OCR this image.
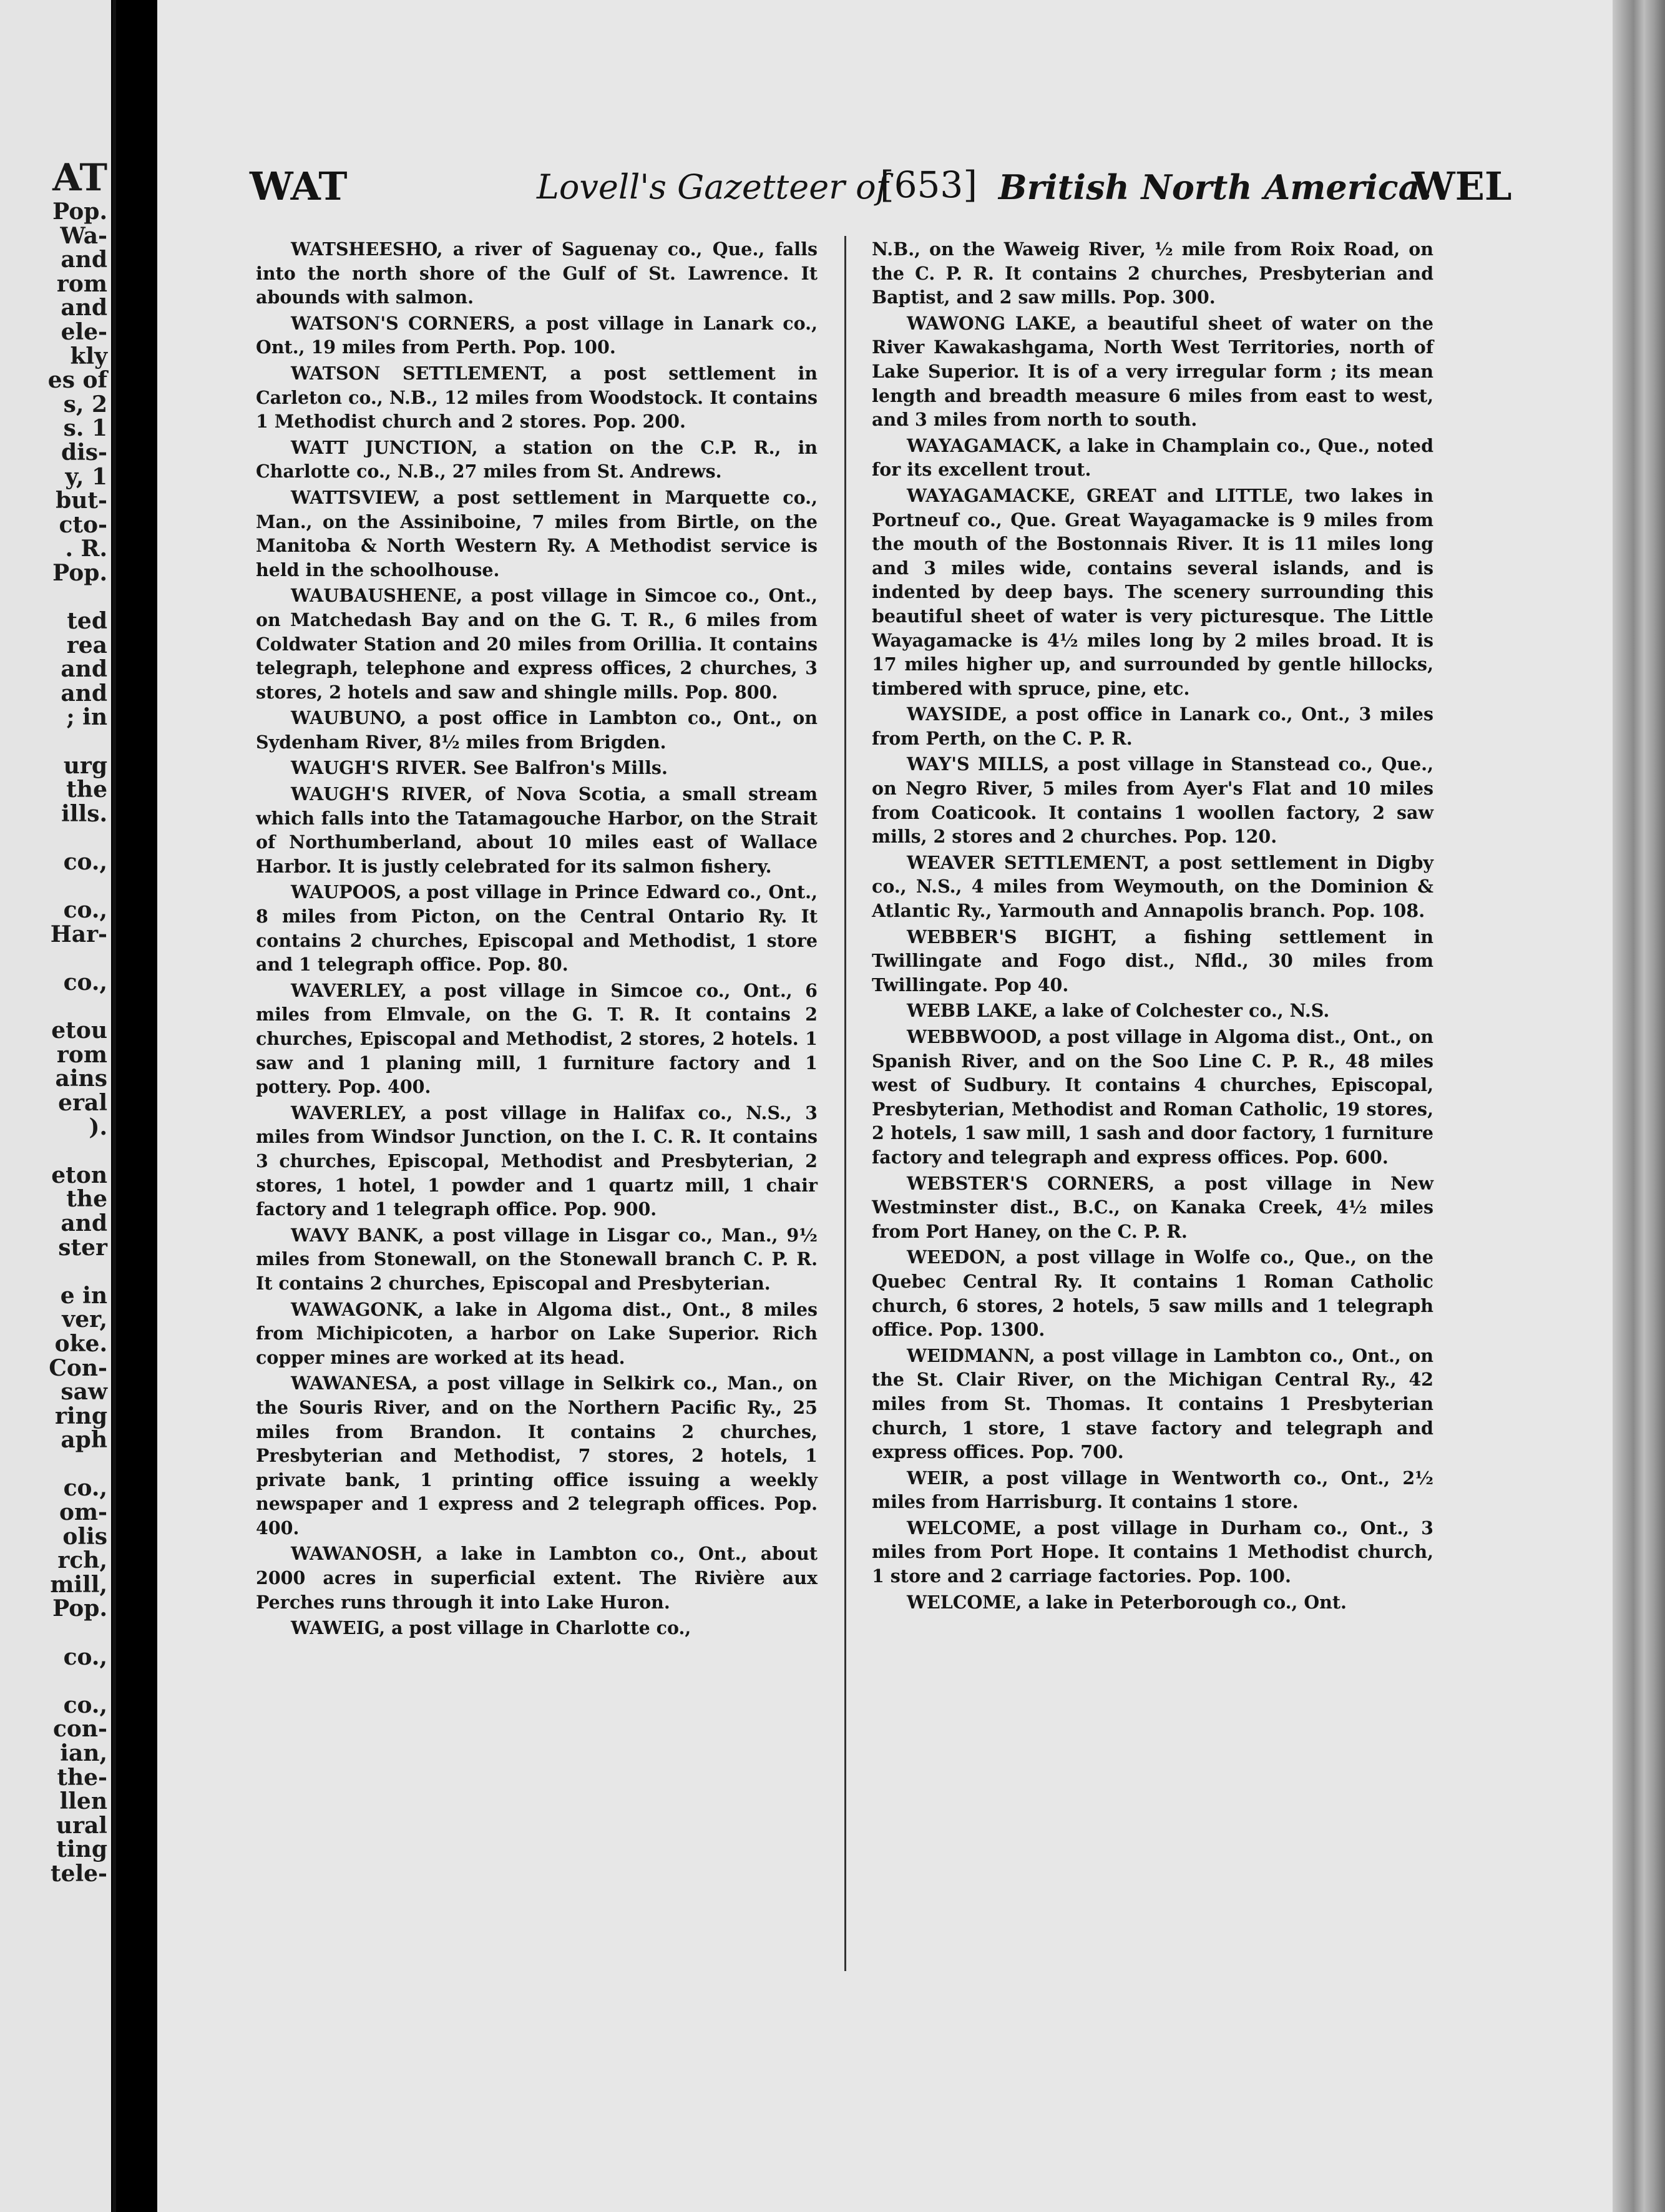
AT
Pop.
Wa-
and
rom
and
ele-
kly
es of
s, 2
s. 1
dis-
y, 1
but-
cto-
. R.
Pop.

ted
rea
and
and
; in

urg
the
ills.

co.,

co.,
Har-

co.,

etou
rom
ains
eral
).

eton
the
and
ster

e in
ver,
oke.
Con-
saw
ring
aph

co.,
om-
olis
rch,
mill,
Pop.

co.,

co.,
con-
ian,
the-
llen
ural
ting
tele-
WAT	Lovell's Gazetteer of
[653] British North America.
WEL

WATSHEESHO, a river of Saguenay co., Que., falls into the north shore of the Gulf of St. Lawrence. It abounds with salmon.

WATSON'S CORNERS, a post village in Lanark co., Ont., 19 miles from Perth. Pop. 100.

WATSON SETTLEMENT, a post settlement in Carleton co., N.B., 12 miles from Woodstock. It contains 1 Methodist church and 2 stores. Pop. 200.

WATT JUNCTION, a station on the C.P. R., in Charlotte co., N.B., 27 miles from St. Andrews.

WATTSVIEW, a post settlement in Marquette co., Man., on the Assiniboine, 7 miles from Birtle, on the Manitoba & North Western Ry. A Methodist service is held in the schoolhouse.

WAUBAUSHENE, a post village in Simcoe co., Ont., on Matchedash Bay and on the G. T. R., 6 miles from Coldwater Station and 20 miles from Orillia. It contains telegraph, telephone and express offices, 2 churches, 3 stores, 2 hotels and saw and shingle mills. Pop. 800.

WAUBUNO, a post office in Lambton co., Ont., on Sydenham River, 8½ miles from Brigden.

WAUGH'S RIVER. See Balfron's Mills.

WAUGH'S RIVER, of Nova Scotia, a small stream which falls into the Tatamagouche Harbor, on the Strait of Northumberland, about 10 miles east of Wallace Harbor. It is justly celebrated for its salmon fishery.

WAUPOOS, a post village in Prince Edward co., Ont., 8 miles from Picton, on the Central Ontario Ry. It contains 2 churches, Episcopal and Methodist, 1 store and 1 telegraph office. Pop. 80.

WAVERLEY, a post village in Simcoe co., Ont., 6 miles from Elmvale, on the G. T. R. It contains 2 churches, Episcopal and Methodist, 2 stores, 2 hotels. 1 saw and 1 planing mill, 1 furniture factory and 1 pottery. Pop. 400.

WAVERLEY, a post village in Halifax co., N.S., 3 miles from Windsor Junction, on the I. C. R. It contains 3 churches, Episcopal, Methodist and Presbyterian, 2 stores, 1 hotel, 1 powder and 1 quartz mill, 1 chair factory and 1 telegraph office. Pop. 900.

WAVY BANK, a post village in Lisgar co., Man., 9½ miles from Stonewall, on the Stonewall branch C. P. R. It contains 2 churches, Episcopal and Presbyterian.

WAWAGONK, a lake in Algoma dist., Ont., 8 miles from Michipicoten, a harbor on Lake Superior. Rich copper mines are worked at its head.

WAWANESA, a post village in Selkirk co., Man., on the Souris River, and on the Northern Pacific Ry., 25 miles from Brandon. It contains 2 churches, Presbyterian and Methodist, 7 stores, 2 hotels, 1 private bank, 1 printing office issuing a weekly newspaper and 1 express and 2 telegraph offices. Pop. 400.

WAWANOSH, a lake in Lambton co., Ont., about 2000 acres in superficial extent. The Rivière aux Perches runs through it into Lake Huron.

WAWEIG, a post village in Charlotte co.,

N.B., on the Waweig River, ½ mile from Roix Road, on the C. P. R. It contains 2 churches, Presbyterian and Baptist, and 2 saw mills. Pop. 300.

WAWONG LAKE, a beautiful sheet of water on the River Kawakashgama, North West Territories, north of Lake Superior. It is of a very irregular form ; its mean length and breadth measure 6 miles from east to west, and 3 miles from north to south.

WAYAGAMACK, a lake in Champlain co., Que., noted for its excellent trout.

WAYAGAMACKE, GREAT and LITTLE, two lakes in Portneuf co., Que. Great Wayagamacke is 9 miles from the mouth of the Bostonnais River. It is 11 miles long and 3 miles wide, contains several islands, and is indented by deep bays. The scenery surrounding this beautiful sheet of water is very picturesque. The Little Wayagamacke is 4½ miles long by 2 miles broad. It is 17 miles higher up, and surrounded by gentle hillocks, timbered with spruce, pine, etc.

WAYSIDE, a post office in Lanark co., Ont., 3 miles from Perth, on the C. P. R.

WAY'S MILLS, a post village in Stanstead co., Que., on Negro River, 5 miles from Ayer's Flat and 10 miles from Coaticook. It contains 1 woollen factory, 2 saw mills, 2 stores and 2 churches. Pop. 120.

WEAVER SETTLEMENT, a post settlement in Digby co., N.S., 4 miles from Weymouth, on the Dominion & Atlantic Ry., Yarmouth and Annapolis branch. Pop. 108.

WEBBER'S BIGHT, a fishing settlement in Twillingate and Fogo dist., Nfld., 30 miles from Twillingate. Pop 40.

WEBB LAKE, a lake of Colchester co., N.S.

WEBBWOOD, a post village in Algoma dist., Ont., on Spanish River, and on the Soo Line C. P. R., 48 miles west of Sudbury. It contains 4 churches, Episcopal, Presbyterian, Methodist and Roman Catholic, 19 stores, 2 hotels, 1 saw mill, 1 sash and door factory, 1 furniture factory and telegraph and express offices. Pop. 600.

WEBSTER'S CORNERS, a post village in New Westminster dist., B.C., on Kanaka Creek, 4½ miles from Port Haney, on the C. P. R.

WEEDON, a post village in Wolfe co., Que., on the Quebec Central Ry. It contains 1 Roman Catholic church, 6 stores, 2 hotels, 5 saw mills and 1 telegraph office. Pop. 1300.

WEIDMANN, a post village in Lambton co., Ont., on the St. Clair River, on the Michigan Central Ry., 42 miles from St. Thomas. It contains 1 Presbyterian church, 1 store, 1 stave factory and telegraph and express offices. Pop. 700.

WEIR, a post village in Wentworth co., Ont., 2½ miles from Harrisburg. It contains 1 store.

WELCOME, a post village in Durham co., Ont., 3 miles from Port Hope. It contains 1 Methodist church, 1 store and 2 carriage factories. Pop. 100.

WELCOME, a lake in Peterborough co., Ont.
